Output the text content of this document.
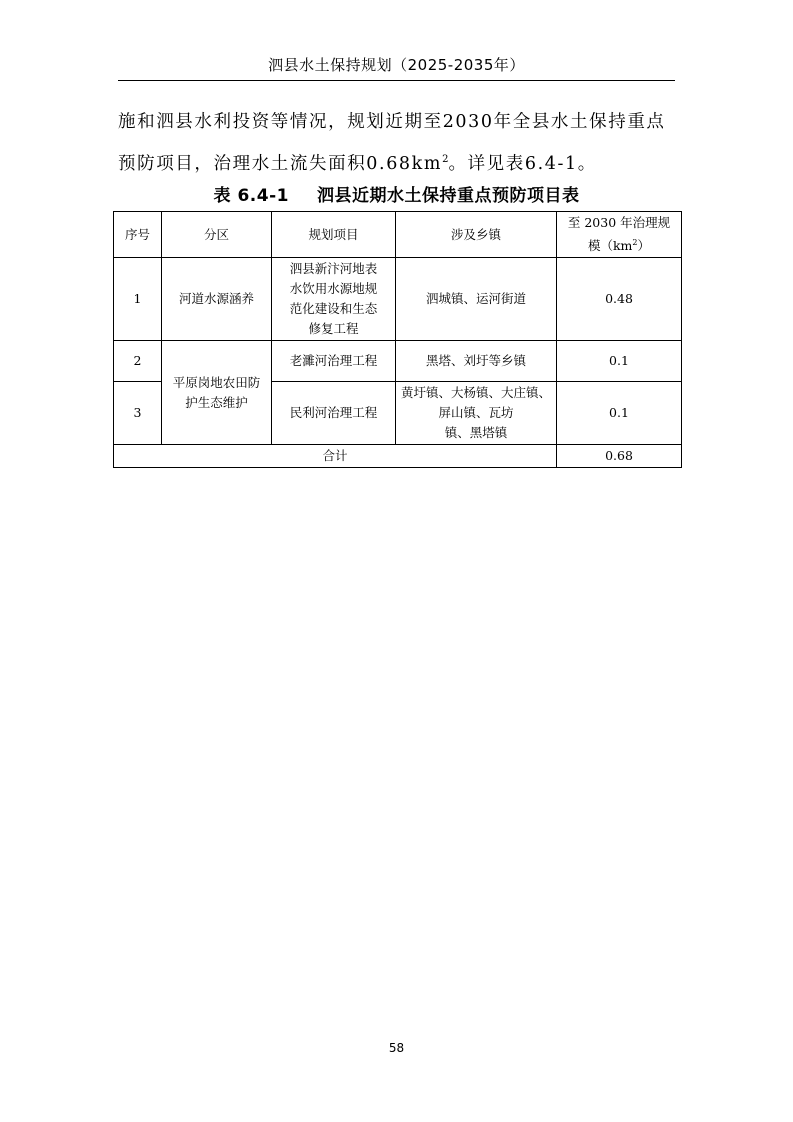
泗县水土保持规划（2025-2035年）
施和泗县水利投资等情况，规划近期至2030年全县水土保持重点预防项目，治理水土流失面积$0.68km^2$。详见表6.4-1。
表 6.4-1 泗县近期水土保持重点预防项目表
序号	分区	规划项目	涉及乡镇	至 2030 年治理规
模$(km^2)$
1	河道水源涵养	泗县新汴河地表
水饮用水源地规
范化建设和生态
修复工程	泗城镇、运河街道	0.48
2	平原岗地农田防
护生态维护	老濉河治理工程	黑塔、刘圩等乡镇	0.1
3		民利河治理工程	黄圩镇、大杨镇、大庄镇、
屏山镇、瓦坊
镇、黑塔镇	0.1
合计				0.68
58
